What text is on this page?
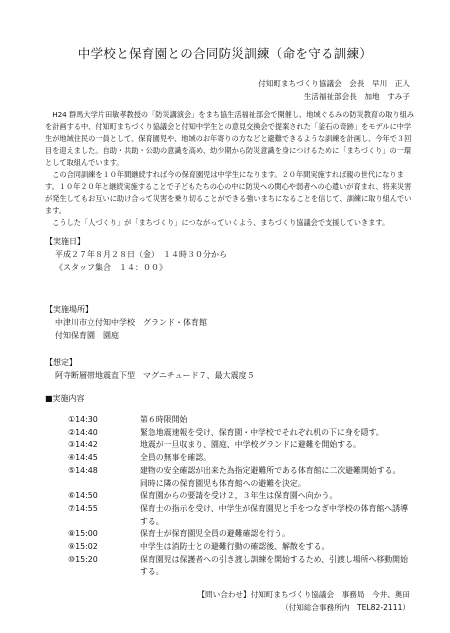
中学校と保育園との合同防災訓練（命を守る訓練）
付知町まちづくり協議会　会長　早川　正人
生活福祉部会長　加地　すみ子

H24 群馬大学片田敏孝教授の「防災講演会」をまち協生活福祉部会で開催し、地域ぐるみの防災教育の取り組みを計画する中、付知町まちづくり協議会と付知中学生との意見交換会で提案された「釜石の奇跡」をモデルに中学生が地域住民の一員として、保育園児や、地域のお年寄りの方などと避難できるような訓練を計画し、今年で３回目を迎えました。自助・共助・公助の意識を高め、幼少期から防災意識を身につけるために「まちづくり」の一環として取組んでいます。

この合同訓練を１０年間継続すれば今の保育園児は中学生になります。２０年間実施すれば親の世代になります。１０年２０年と継続実施することで子どもたちの心の中に防災への関心や弱者への心遣いが育まれ、将来災害が発生してもお互いに助け合って災害を乗り切ることができる強いまちになることを信じて、訓練に取り組んでいます。

こうした「人づくり」が「まちづくり」につながっていくよう、まちづくり協議会で支援していきます。

【実施日】
平成２７年８月２８日（金）　１４時３０分から
《スタッフ集合　１４：００》
【実施場所】
中津川市立付知中学校　グランド・体育館
付知保育園　園庭
【想定】
阿寺断層帯地震直下型　マグニチュード７、最大震度５
■実施内容
①14:30	第６時限開始
②14:40	緊急地震速報を受け、保育園・中学校でそれぞれ机の下に身を隠す。
③14:42	地震が一旦収まり、園庭、中学校グランドに避難を開始する。
④14:45	全員の無事を確認。
⑤14:48	建物の安全確認が出来た為指定避難所である体育館に二次避難開始する。同時に隣の保育園児も体育館への避難を決定。
⑥14:50	保育園からの要請を受け２，３年生は保育園へ向かう。
⑦14:55	保育士の指示を受け、中学生が保育園児と手をつなぎ中学校の体育館へ誘導する。
⑧15:00	保育士が保育園児全員の避難確認を行う。
⑨15:02	中学生は消防士との避難行動の確認後、解散をする。
⑩15:20	保育園児は保護者への引き渡し訓練を開始するため、引渡し場所へ移動開始する。
【問い合わせ】付知町まちづくり協議会　事務局　今井、奥田
（付知総合事務所内　TEL82-2111）
